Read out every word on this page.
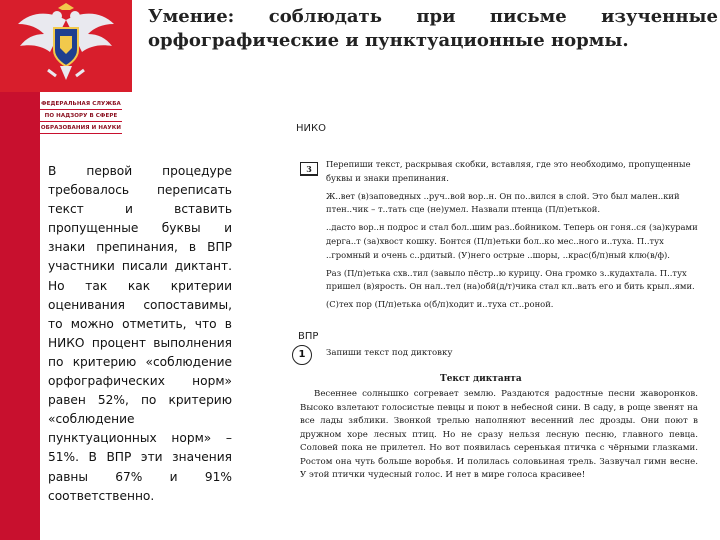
ФЕДЕРАЛЬНАЯ СЛУЖБА
ПО НАДЗОРУ В СФЕРЕ
ОБРАЗОВАНИЯ И НАУКИ
Умение: соблюдать при письме изученные орфографические и пунктуационные нормы.
В первой процедуре требовалось переписать текст и вставить пропущенные буквы и знаки препинания, в ВПР участники писали диктант. Но так как критерии оценивания сопоставимы, то можно отметить, что в НИКО процент выполнения по критерию «соблюдение орфографических норм» равен 52%, по критерию «соблюдение пунктуационных норм» – 51%. В ВПР эти значения равны 67% и 91% соответственно.
НИКО
3	Перепиши текст, раскрывая скобки, вставляя, где это необходимо, пропущенные буквы и знаки препинания.

Ж..вет (в)заповедных ..руч..вой вор..н. Он по..вился в слой. Это был мален..кий птен..чик – т..тать сце (не)умел. Назвали птенца (П/п)етькой.

..дасто вор..н подрос и стал бол..шим раз..бойником. Теперь он гоня..ся (за)курами дерга..т (за)хвост кошку. Бонтся (П/п)етьки бол..ко мес..ного и..туха. П..тух ..громный и очень с..рдитый. (У)него острые ..шоры, ..крас(б/п)ный клю(в/ф).

Раз (П/п)етька схв..тил (завыло пёстр..ю курицу. Она громко з..кудахтала. П..тух пришел (в)ярость. Он нал..тел (на)обй(д/т)чика стал кл..вать его и бить крыл..ями.

(С)тех пор (П/п)етька о(б/п)ходит и..туха ст..роной.

ВПР
1	Запиши текст под диктовку
Текст диктанта
Весеннее солнышко согревает землю. Раздаются радостные песни жаворонков. Высоко взлетают голосистые певцы и поют в небесной сини. В саду, в роще звенят на все лады зяблики. Звонкой трелью наполняют весенний лес дрозды. Они поют в дружном хоре лесных птиц. Но не сразу нельзя лесную песню, главного певца. Соловей пока не прилетел. Но вот появилась серенькая птичка с чёрными глазками. Ростом она чуть больше воробья. И полилась соловьиная трель. Зазвучал гимн весне. У этой птички чудесный голос. И нет в мире голоса красивее!
